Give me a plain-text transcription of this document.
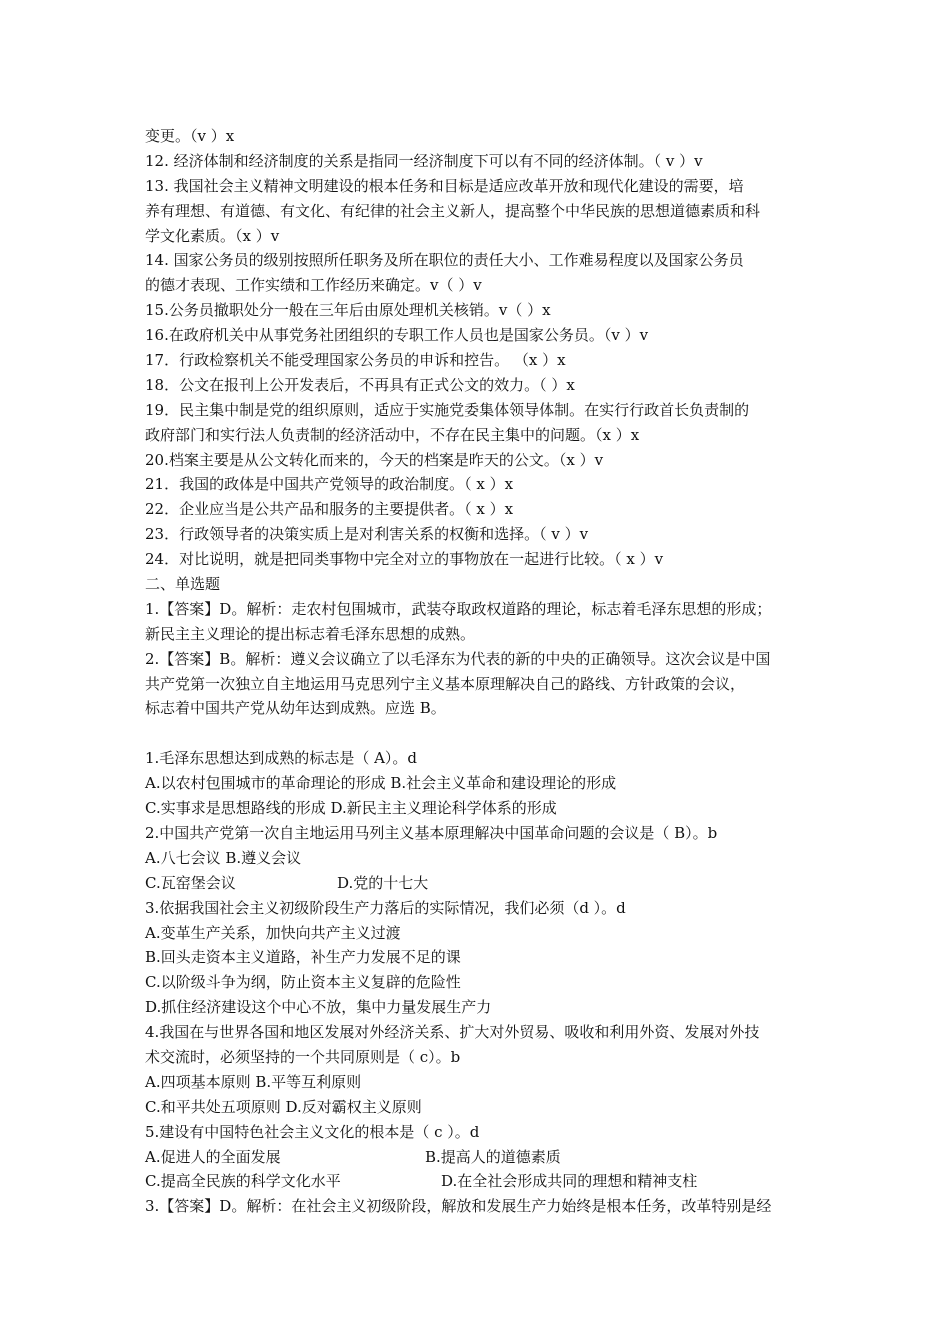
变更。（v ）x
12. 经济体制和经济制度的关系是指同一经济制度下可以有不同的经济体制。（ v ）v
13. 我国社会主义精神文明建设的根本任务和目标是适应改革开放和现代化建设的需要，培
养有理想、有道德、有文化、有纪律的社会主义新人，提高整个中华民族的思想道德素质和科
学文化素质。（x ）v
14. 国家公务员的级别按照所任职务及所在职位的责任大小、工作难易程度以及国家公务员
的德才表现、工作实绩和工作经历来确定。v（ ）v
15.公务员撤职处分一般在三年后由原处理机关核销。v（ ）x
16.在政府机关中从事党务社团组织的专职工作人员也是国家公务员。（v ）v
17．行政检察机关不能受理国家公务员的申诉和控告。 （x ）x
18．公文在报刊上公开发表后，不再具有正式公文的效力。（ ）x
19．民主集中制是党的组织原则，适应于实施党委集体领导体制。在实行行政首长负责制的
政府部门和实行法人负责制的经济活动中，不存在民主集中的问题。（x ）x
20.档案主要是从公文转化而来的，今天的档案是昨天的公文。（x ）v
21．我国的政体是中国共产党领导的政治制度。（ x ）x
22．企业应当是公共产品和服务的主要提供者。（ x ）x
23．行政领导者的决策实质上是对利害关系的权衡和选择。（ v ）v
24．对比说明，就是把同类事物中完全对立的事物放在一起进行比较。（ x ）v
二、单选题
1.【答案】D。解析：走农村包围城市，武装夺取政权道路的理论，标志着毛泽东思想的形成；
新民主主义理论的提出标志着毛泽东思想的成熟。
2.【答案】B。解析：遵义会议确立了以毛泽东为代表的新的中央的正确领导。这次会议是中国
共产党第一次独立自主地运用马克思列宁主义基本原理解决自己的路线、方针政策的会议，
标志着中国共产党从幼年达到成熟。应选 B。
1.毛泽东思想达到成熟的标志是（ A）。d
A.以农村包围城市的革命理论的形成 B.社会主义革命和建设理论的形成
C.实事求是思想路线的形成 D.新民主主义理论科学体系的形成
2.中国共产党第一次自主地运用马列主义基本原理解决中国革命问题的会议是（ B）。b
A.八七会议 B.遵义会议
C.瓦窑堡会议	D.党的十七大
3.依据我国社会主义初级阶段生产力落后的实际情况，我们必须（d ）。d
A.变革生产关系，加快向共产主义过渡
B.回头走资本主义道路，补生产力发展不足的课
C.以阶级斗争为纲，防止资本主义复辟的危险性
D.抓住经济建设这个中心不放，集中力量发展生产力
4.我国在与世界各国和地区发展对外经济关系、扩大对外贸易、吸收和利用外资、发展对外技
术交流时，必须坚持的一个共同原则是（ c）。b
A.四项基本原则 B.平等互利原则
C.和平共处五项原则 D.反对霸权主义原则
5.建设有中国特色社会主义文化的根本是（ c ）。d
A.促进人的全面发展	B.提高人的道德素质
C.提高全民族的科学文化水平	D.在全社会形成共同的理想和精神支柱
3.【答案】D。解析：在社会主义初级阶段，解放和发展生产力始终是根本任务，改革特别是经
